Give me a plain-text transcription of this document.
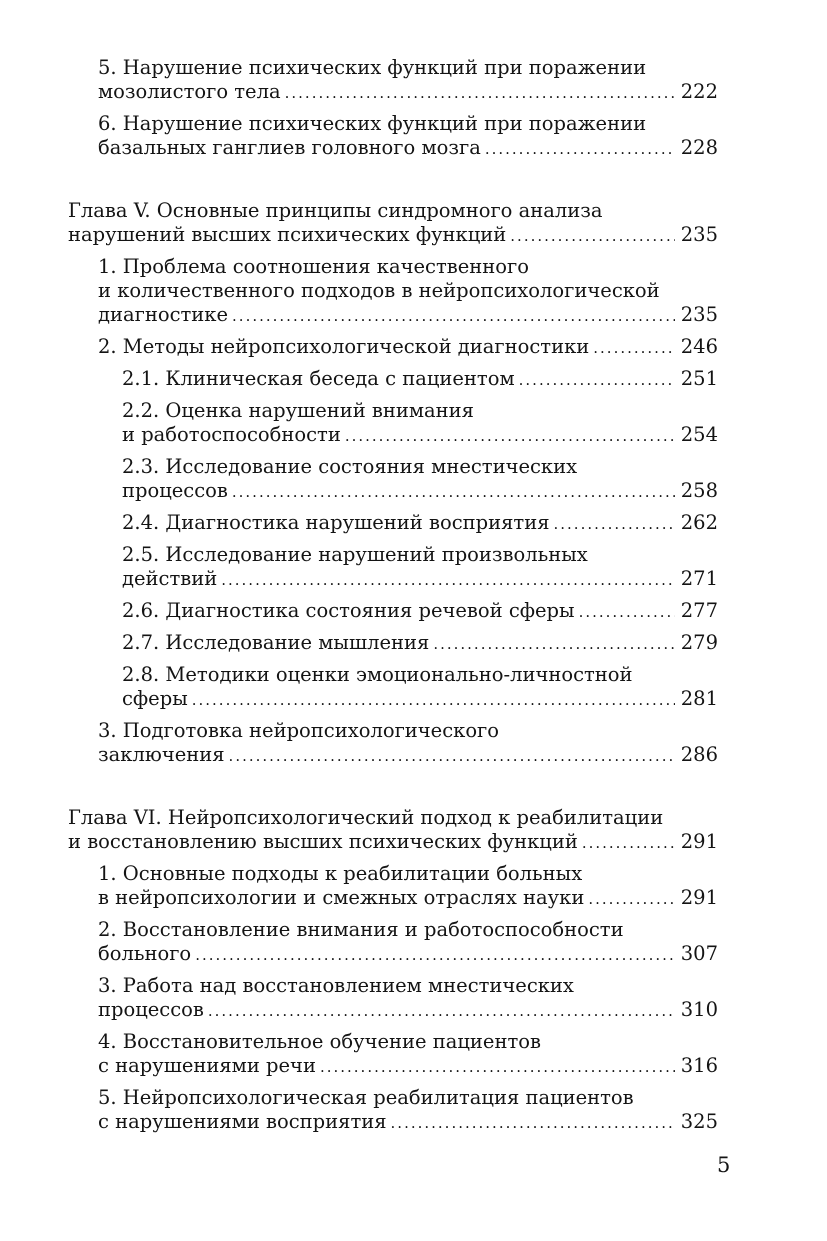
5. Нарушение психических функций при поражении
мозолистого тела .....	222
6. Нарушение психических функций при поражении
базальных ганглиев головного мозга .....	228
Глава V. Основные принципы синдромного анализа
нарушений высших психических функций .....	235
1. Проблема соотношения качественного
и количественного подходов в нейропсихологической
диагностике .....	235
2. Методы нейропсихологической диагностики .....	246
2.1. Клиническая беседа с пациентом .....	251
2.2. Оценка нарушений внимания
и работоспособности .....	254
2.3. Исследование состояния мнестических
процессов .....	258
2.4. Диагностика нарушений восприятия .....	262
2.5. Исследование нарушений произвольных
действий .....	271
2.6. Диагностика состояния речевой сферы .....	277
2.7. Исследование мышления .....	279
2.8. Методики оценки эмоционально-личностной
сферы .....	281
3. Подготовка нейропсихологического
заключения .....	286
Глава VI. Нейропсихологический подход к реабилитации
и восстановлению высших психических функций .....	291
1. Основные подходы к реабилитации больных
в нейропсихологии и смежных отраслях науки .....	291
2. Восстановление внимания и работоспособности
больного .....	307
3. Работа над восстановлением мнестических
процессов .....	310
4. Восстановительное обучение пациентов
с нарушениями речи .....	316
5. Нейропсихологическая реабилитация пациентов
с нарушениями восприятия .....	325
5
